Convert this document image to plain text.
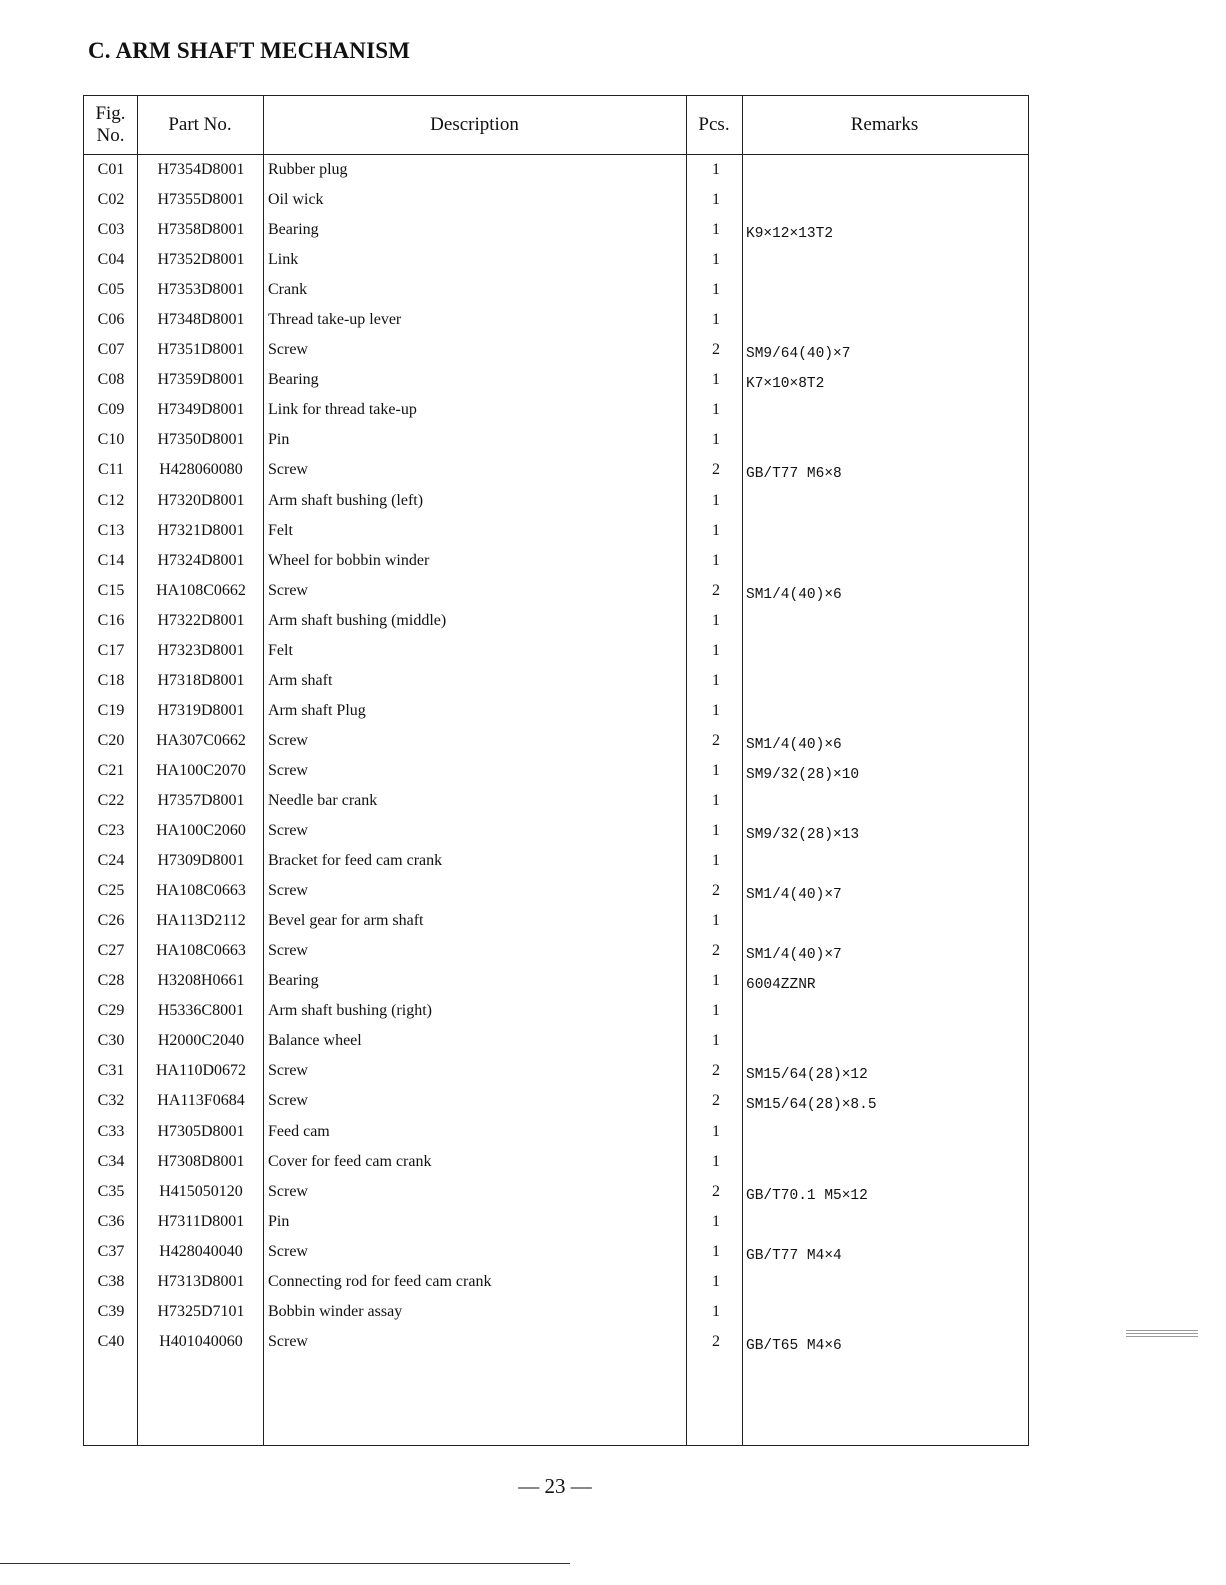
C. ARM SHAFT MECHANISM
Fig.
No.
Part No.	Description	Pcs.	Remarks
C01	H7354D8001	Rubber plug	1
C02	H7355D8001	Oil wick	1
C03	H7358D8001	Bearing	1	K9×12×13T2
C04	H7352D8001	Link	1
C05	H7353D8001	Crank	1
C06	H7348D8001	Thread take-up lever	1
C07	H7351D8001	Screw	2	SM9/64(40)×7
C08	H7359D8001	Bearing	1	K7×10×8T2
C09	H7349D8001	Link for thread take-up	1
C10	H7350D8001	Pin	1
C11	H428060080	Screw	2	GB/T77 M6×8
C12	H7320D8001	Arm shaft bushing (left)	1
C13	H7321D8001	Felt	1
C14	H7324D8001	Wheel for bobbin winder	1
C15	HA108C0662	Screw	2	SM1/4(40)×6
C16	H7322D8001	Arm shaft bushing (middle)	1
C17	H7323D8001	Felt	1
C18	H7318D8001	Arm shaft	1
C19	H7319D8001	Arm shaft Plug	1
C20	HA307C0662	Screw	2	SM1/4(40)×6
C21	HA100C2070	Screw	1	SM9/32(28)×10
C22	H7357D8001	Needle bar crank	1
C23	HA100C2060	Screw	1	SM9/32(28)×13
C24	H7309D8001	Bracket for feed cam crank	1
C25	HA108C0663	Screw	2	SM1/4(40)×7
C26	HA113D2112	Bevel gear for arm shaft	1
C27	HA108C0663	Screw	2	SM1/4(40)×7
C28	H3208H0661	Bearing	1	6004ZZNR
C29	H5336C8001	Arm shaft bushing (right)	1
C30	H2000C2040	Balance wheel	1
C31	HA110D0672	Screw	2	SM15/64(28)×12
C32	HA113F0684	Screw	2	SM15/64(28)×8.5
C33	H7305D8001	Feed cam	1
C34	H7308D8001	Cover for feed cam crank	1
C35	H415050120	Screw	2	GB/T70.1 M5×12
C36	H7311D8001	Pin	1
C37	H428040040	Screw	1	GB/T77 M4×4
C38	H7313D8001	Connecting rod for feed cam crank	1
C39	H7325D7101	Bobbin winder assay	1
C40	H401040060	Screw	2	GB/T65 M4×6
— 23 —
